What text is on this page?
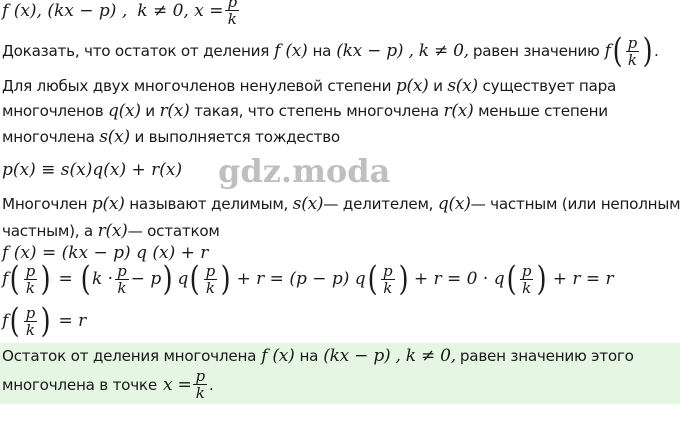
f (x), (kx − p) , k ≠ 0, $x = \frac{p}{k}$
Доказать, что остаток от деления f (x) на (kx − p) , k ≠ 0, равен значению f ( $\frac{p}{k}$ ) .
Для любых двух многочленов ненулевой степени p(x) и s(x) существует пара
многочленов q(x) и r(x) такая, что степень многочлена r(x) меньше степени
многочлена s(x) и выполняется тождество
p(x) ≡ s(x)q(x) + r(x) gdz.moda
Многочлен p(x) называют делимым, s(x)— делителем, q(x)— частным (или неполным
частным), а r(x)— остатком
f (x) = (kx − p) q (x) + r
f ( $\frac{p}{k}$ ) = ( $k \cdot \frac{p}{k} - p$ ) q ( $\frac{p}{k}$ ) + r = (p − p) q ( $\frac{p}{k}$ ) + r = 0 · q ( $\frac{p}{k}$ ) + r = r
f ( $\frac{p}{k}$ ) = r
Остаток от деления многочлена f (x) на (kx − p) , k ≠ 0, равен значению этого
многочлена в точке $x = \frac{p}{k}$ .
